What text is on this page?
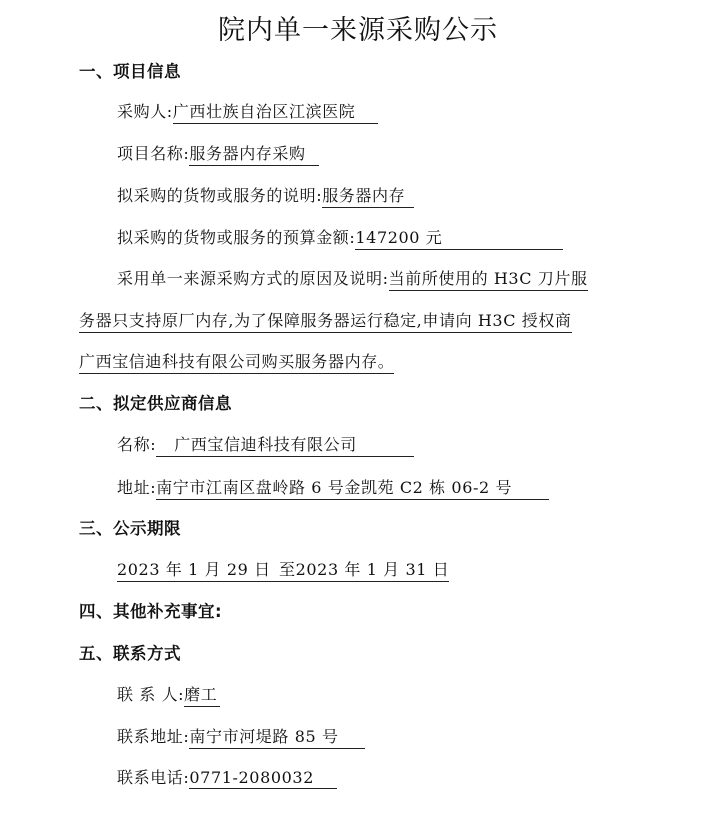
院内单一来源采购公示
一、项目信息
采购人:广西壮族自治区江滨医院
项目名称:服务器内存采购
拟采购的货物或服务的说明:服务器内存
拟采购的货物或服务的预算金额:147200 元
采用单一来源采购方式的原因及说明:当前所使用的 H3C 刀片服
务器只支持原厂内存,为了保障服务器运行稳定,申请向 H3C 授权商
广西宝信迪科技有限公司购买服务器内存。
二、拟定供应商信息
名称: 广西宝信迪科技有限公司
地址:南宁市江南区盘岭路 6 号金凯苑 C2 栋 06-2 号
三、公示期限
2023 年 1 月 29 日 至2023 年 1 月 31 日
四、其他补充事宜:
五、联系方式
联 系 人:磨工
联系地址:南宁市河堤路 85 号
联系电话:0771-2080032
